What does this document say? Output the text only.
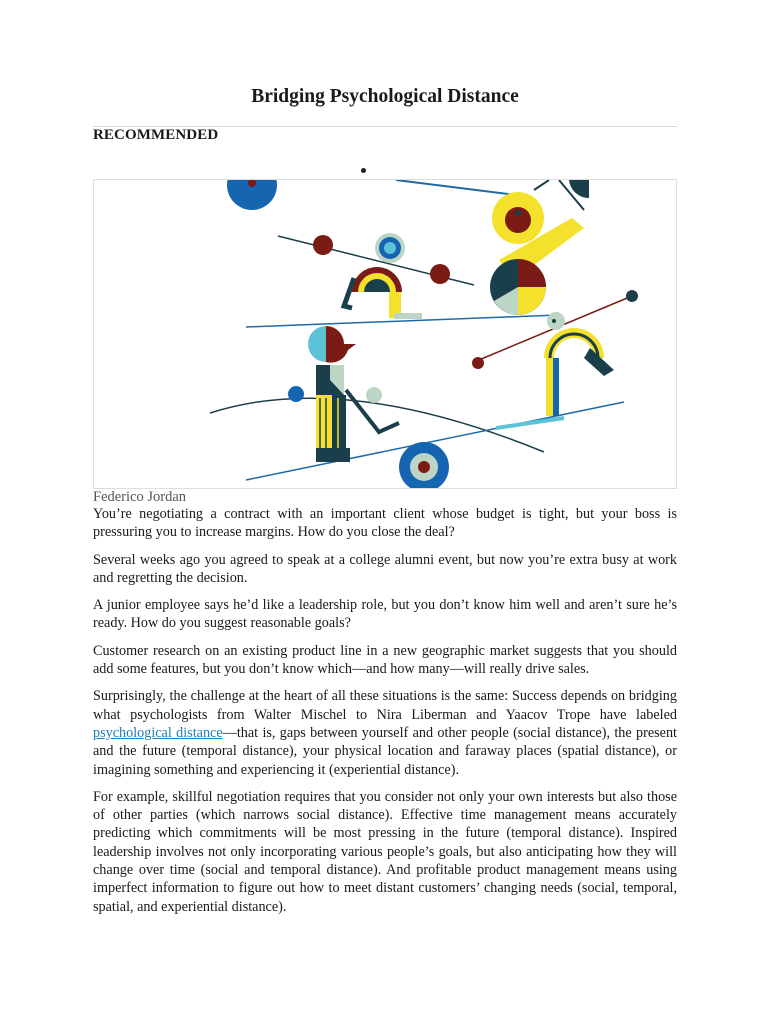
Bridging Psychological Distance
RECOMMENDED
Federico Jordan

You’re negotiating a contract with an important client whose budget is tight, but your boss is pressuring you to increase margins. How do you close the deal?

Several weeks ago you agreed to speak at a college alumni event, but now you’re extra busy at work and regretting the decision.

A junior employee says he’d like a leadership role, but you don’t know him well and aren’t sure he’s ready. How do you suggest reasonable goals?

Customer research on an existing product line in a new geographic market suggests that you should add some features, but you don’t know which—and how many—will really drive sales.

Surprisingly, the challenge at the heart of all these situations is the same: Success depends on bridging what psychologists from Walter Mischel to Nira Liberman and Yaacov Trope have labeled psychological distance—that is, gaps between yourself and other people (social distance), the present and the future (temporal distance), your physical location and faraway places (spatial distance), or imagining something and experiencing it (experiential distance).

For example, skillful negotiation requires that you consider not only your own interests but also those of other parties (which narrows social distance). Effective time management means accurately predicting which commitments will be most pressing in the future (temporal distance). Inspired leadership involves not only incorporating various people’s goals, but also anticipating how they will change over time (social and temporal distance). And profitable product management means using imperfect information to figure out how to meet distant customers’ changing needs (social, temporal, spatial, and experiential distance).
